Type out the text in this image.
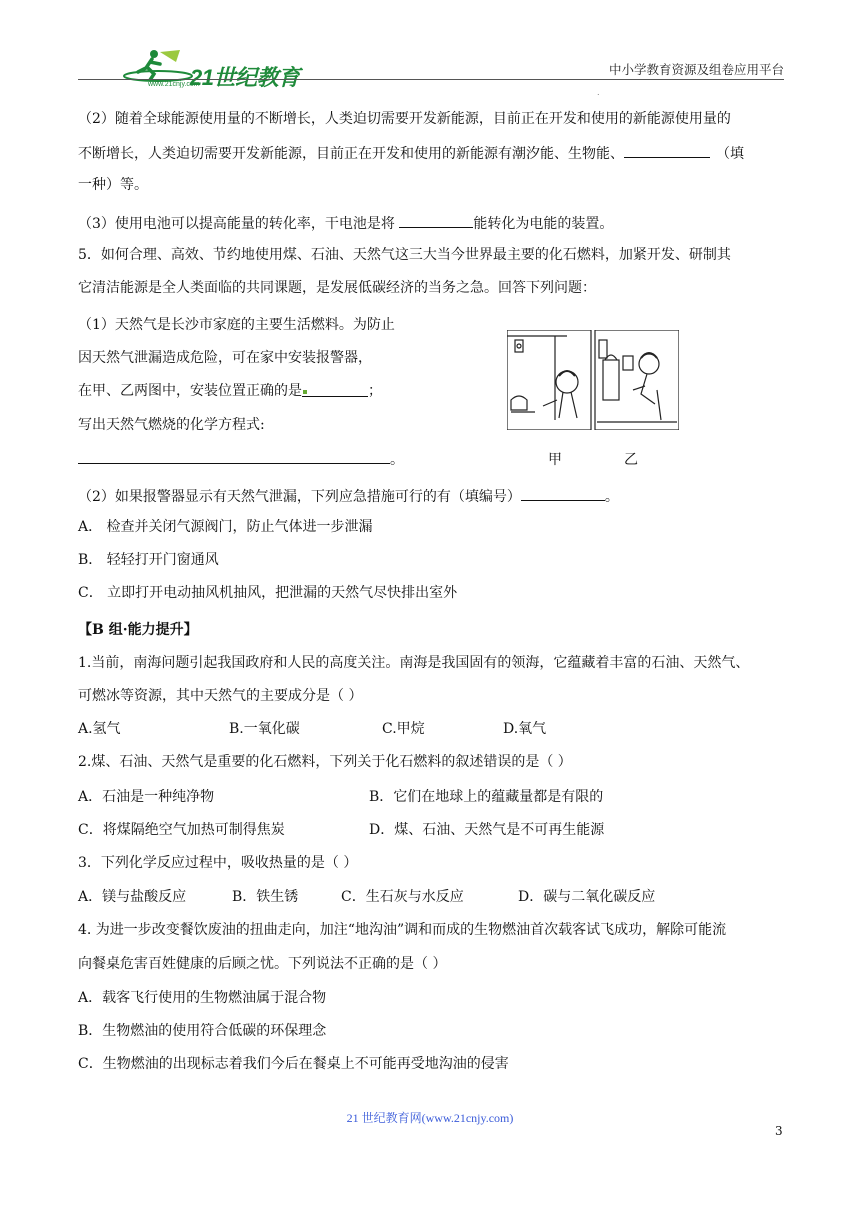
21世纪教育
www.21cnjy.com
中小学教育资源及组卷应用平台
.
（2）随着全球能源使用量的不断增长，人类迫切需要开发新能源，目前正在开发和使用的新能源使用量的
不断增长，人类迫切需要开发新能源，目前正在开发和使用的新能源有潮汐能、生物能、	（填
一种）等。
（3）使用电池可以提高能量的转化率，干电池是将	能转化为电能的装置。
5．如何合理、高效、节约地使用煤、石油、天然气这三大当今世界最主要的化石燃料，加紧开发、研制其
它清洁能源是全人类面临的共同课题，是发展低碳经济的当务之急。回答下列问题：
（1）天然气是长沙市家庭的主要生活燃料。为防止
因天然气泄漏造成危险，可在家中安装报警器，
在甲、乙两图中，安装位置正确的是	；
写出天然气燃烧的化学方程式:
。	甲	乙
（2）如果报警器显示有天然气泄漏，下列应急措施可行的有（填编号）	。
A． 检查并关闭气源阀门，防止气体进一步泄漏
B． 轻轻打开门窗通风
C． 立即打开电动抽风机抽风，把泄漏的天然气尽快排出室外
【B 组·能力提升】
1.当前，南海问题引起我国政府和人民的高度关注。南海是我国固有的领海，它蕴藏着丰富的石油、天然气、
可燃冰等资源，其中天然气的主要成分是（ ）
A.氢气	B.一氧化碳	C.甲烷	D.氧气
2.煤、石油、天然气是重要的化石燃料，下列关于化石燃料的叙述错误的是（ ）
A．石油是一种纯净物	B．它们在地球上的蕴藏量都是有限的
C．将煤隔绝空气加热可制得焦炭	D．煤、石油、天然气是不可再生能源
3．下列化学反应过程中，吸收热量的是（ ）
A．镁与盐酸反应	B．铁生锈	C．生石灰与水反应	D．碳与二氧化碳反应
4. 为进一步改变餐饮废油的扭曲走向，加注“地沟油”调和而成的生物燃油首次载客试飞成功，解除可能流
向餐桌危害百姓健康的后顾之忧。下列说法不正确的是（ ）
A．载客飞行使用的生物燃油属于混合物
B．生物燃油的使用符合低碳的环保理念
C．生物燃油的出现标志着我们今后在餐桌上不可能再受地沟油的侵害
21 世纪教育网(www.21cnjy.com)
3
